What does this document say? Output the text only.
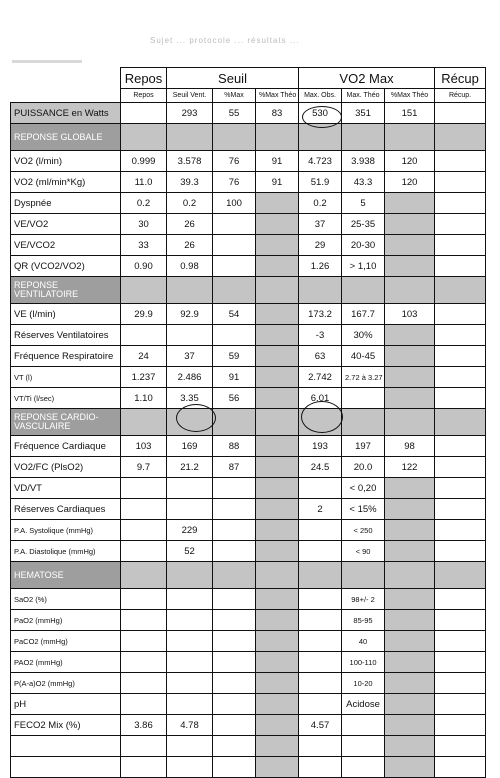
Sujet ... protocole ... résultats ...
	Repos	Seuil			VO2 Max			Récup
	Repos	Seuil Vent.	%Max	%Max Théo	Max. Obs.	Max. Théo	%Max Théo	Récup.
PUISSANCE en Watts		293	55	83	530	351	151	
REPONSE GLOBALE								
VO2 (l/min)	0.999	3.578	76	91	4.723	3.938	120	
VO2 (ml/min*Kg)	11.0	39.3	76	91	51.9	43.3	120	
Dyspnée	0.2	0.2	100		0.2	5		
VE/VO2	30	26			37	25-35		
VE/VCO2	33	26			29	20-30		
QR (VCO2/VO2)	0.90	0.98			1.26	> 1,10		
REPONSE VENTILATOIRE								
VE (l/min)	29.9	92.9	54		173.2	167.7	103	
Réserves Ventilatoires					-3	30%		
Fréquence Respiratoire	24	37	59		63	40-45		
VT (l)	1.237	2.486	91		2.742	2.72 à 3.27		
VT/Ti (l/sec)	1.10	3.35	56		6.01			
REPONSE CARDIO-VASCULAIRE								
Fréquence Cardiaque	103	169	88		193	197	98	
VO2/FC (PlsO2)	9.7	21.2	87		24.5	20.0	122	
VD/VT						< 0,20		
Réserves Cardiaques					2	< 15%		
P.A. Systolique (mmHg)		229				< 250		
P.A. Diastolique (mmHg)		52				< 90		
HEMATOSE								
SaO2 (%)						98+/- 2		
PaO2 (mmHg)						85-95		
PaCO2 (mmHg)						40		
PAO2 (mmHg)						100-110		
P(A-a)O2 (mmHg)						10-20		
pH						Acidose		
FECO2 Mix (%)	3.86	4.78			4.57			
